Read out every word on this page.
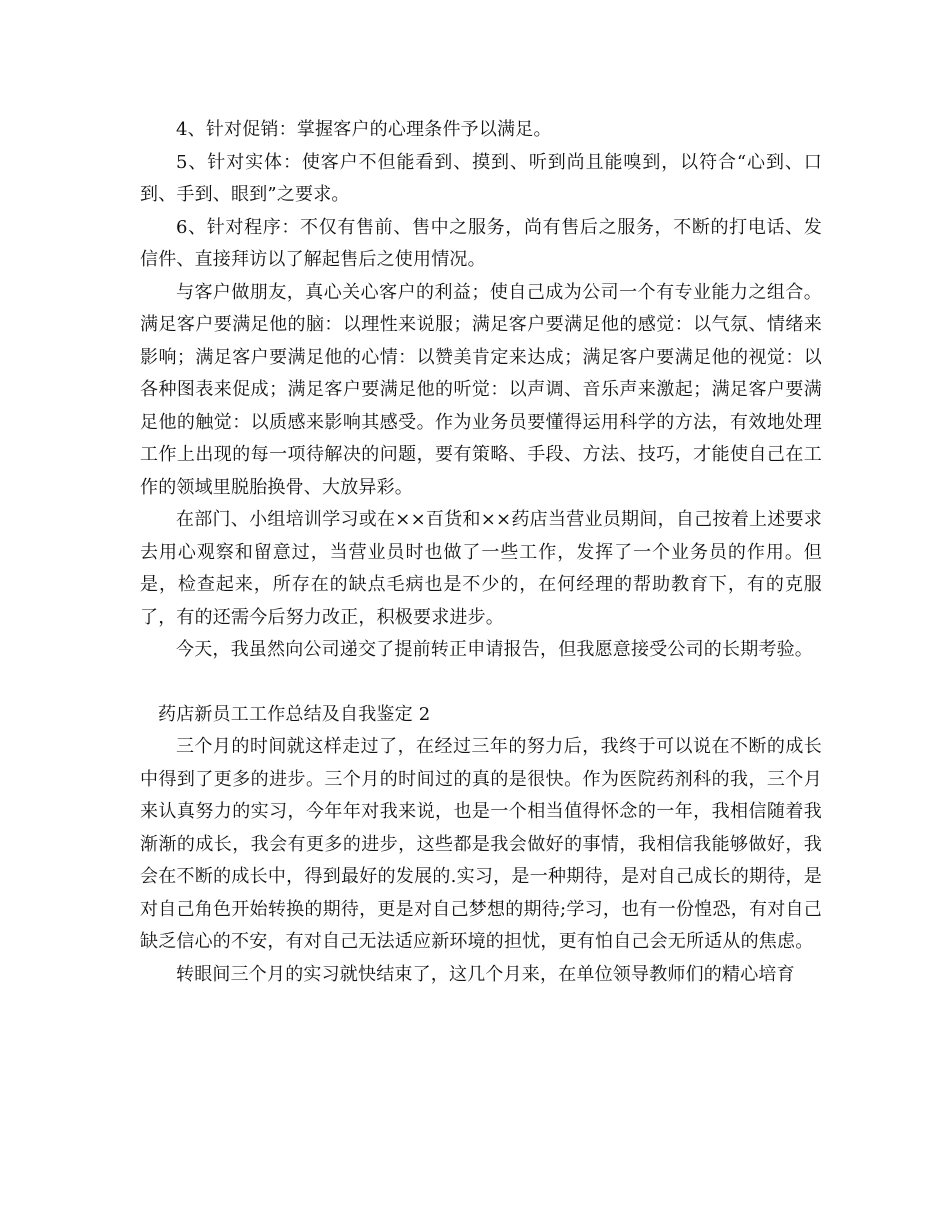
4、针对促销：掌握客户的心理条件予以满足。

5、针对实体：使客户不但能看到、摸到、听到尚且能嗅到，以符合“心到、口到、手到、眼到”之要求。

6、针对程序：不仅有售前、售中之服务，尚有售后之服务，不断的打电话、发信件、直接拜访以了解起售后之使用情况。

与客户做朋友，真心关心客户的利益；使自己成为公司一个有专业能力之组合。满足客户要满足他的脑：以理性来说服；满足客户要满足他的感觉：以气氛、情绪来影响；满足客户要满足他的心情：以赞美肯定来达成；满足客户要满足他的视觉：以各种图表来促成；满足客户要满足他的听觉：以声调、音乐声来激起；满足客户要满足他的触觉：以质感来影响其感受。作为业务员要懂得运用科学的方法，有效地处理工作上出现的每一项待解决的问题，要有策略、手段、方法、技巧，才能使自己在工作的领域里脱胎换骨、大放异彩。

在部门、小组培训学习或在××百货和××药店当营业员期间，自己按着上述要求去用心观察和留意过，当营业员时也做了一些工作，发挥了一个业务员的作用。但是，检查起来，所存在的缺点毛病也是不少的，在何经理的帮助教育下，有的克服了，有的还需今后努力改正，积极要求进步。

今天，我虽然向公司递交了提前转正申请报告，但我愿意接受公司的长期考验。

药店新员工工作总结及自我鉴定 2

三个月的时间就这样走过了，在经过三年的努力后，我终于可以说在不断的成长中得到了更多的进步。三个月的时间过的真的是很快。作为医院药剂科的我，三个月来认真努力的实习，今年年对我来说，也是一个相当值得怀念的一年，我相信随着我渐渐的成长，我会有更多的进步，这些都是我会做好的事情，我相信我能够做好，我会在不断的成长中，得到最好的发展的.实习，是一种期待，是对自己成长的期待，是对自己角色开始转换的期待，更是对自己梦想的期待;学习，也有一份惶恐，有对自己缺乏信心的不安，有对自己无法适应新环境的担忧，更有怕自己会无所适从的焦虑。

转眼间三个月的实习就快结束了，这几个月来，在单位领导教师们的精心培育
